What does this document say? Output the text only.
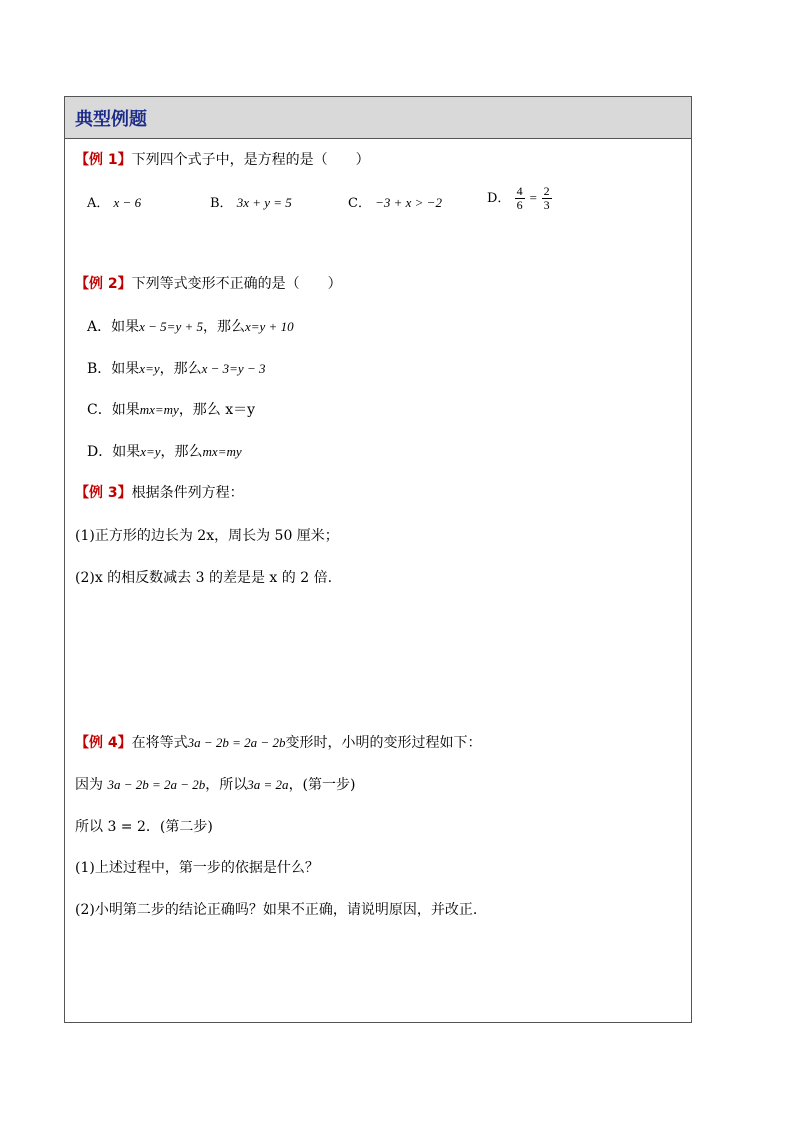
典型例题
【例 1】下列四个式子中，是方程的是（　　）
A． x − 6	B． 3x + y = 5	C． −3 + x > −2	D． $\frac{4}{6} = \frac{2}{3}$
【例 2】下列等式变形不正确的是（　　）
A．如果x − 5=y + 5，那么x=y + 10
B．如果x=y，那么x − 3=y − 3
C．如果mx=my，那么 x＝y
D．如果x=y，那么mx=my
【例 3】根据条件列方程：
(1)正方形的边长为 2x，周长为 50 厘米；
(2)x 的相反数减去 3 的差是是 x 的 2 倍.
【例 4】在将等式3a − 2b = 2a − 2b变形时，小明的变形过程如下：
因为 3a − 2b = 2a − 2b，所以3a = 2a，(第一步)
所以 3 = 2．(第二步)
(1)上述过程中，第一步的依据是什么？
(2)小明第二步的结论正确吗？如果不正确，请说明原因，并改正.
